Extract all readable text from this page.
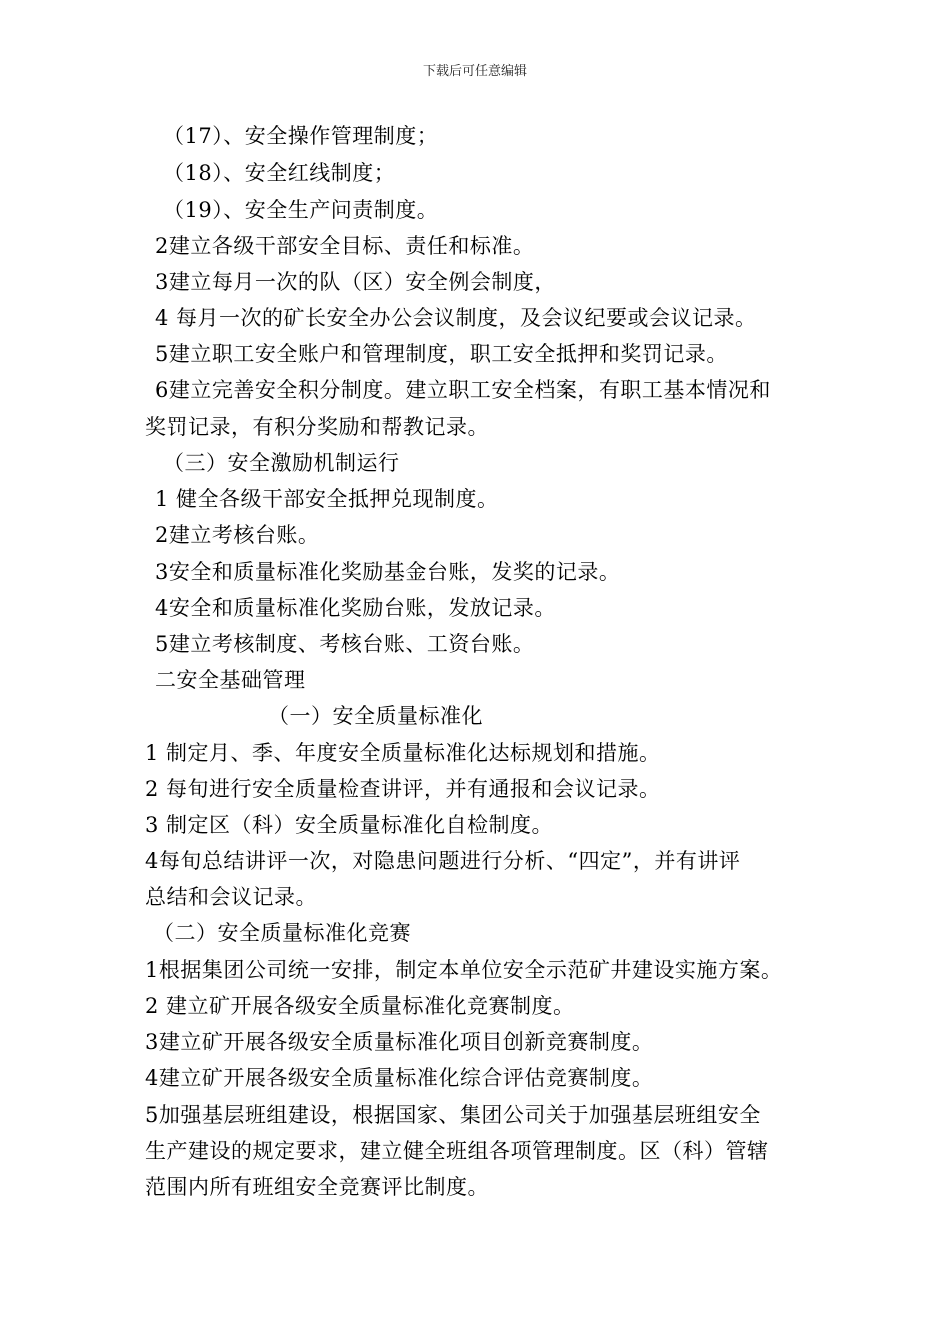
下载后可任意编辑
（17）、安全操作管理制度；
（18）、安全红线制度；
（19）、安全生产问责制度。
2建立各级干部安全目标、责任和标准。
3建立每月一次的队（区）安全例会制度，
4 每月一次的矿长安全办公会议制度，及会议纪要或会议记录。
5建立职工安全账户和管理制度，职工安全抵押和奖罚记录。
6建立完善安全积分制度。建立职工安全档案，有职工基本情况和
奖罚记录，有积分奖励和帮教记录。
（三）安全激励机制运行
1 健全各级干部安全抵押兑现制度。
2建立考核台账。
3安全和质量标准化奖励基金台账，发奖的记录。
4安全和质量标准化奖励台账，发放记录。
5建立考核制度、考核台账、工资台账。
二安全基础管理
（一）安全质量标准化
1 制定月、季、年度安全质量标准化达标规划和措施。
2 每旬进行安全质量检查讲评，并有通报和会议记录。
3 制定区（科）安全质量标准化自检制度。
4每旬总结讲评一次，对隐患问题进行分析、“四定”，并有讲评
总结和会议记录。
（二）安全质量标准化竞赛
1根据集团公司统一安排，制定本单位安全示范矿井建设实施方案。
2 建立矿开展各级安全质量标准化竞赛制度。
3建立矿开展各级安全质量标准化项目创新竞赛制度。
4建立矿开展各级安全质量标准化综合评估竞赛制度。
5加强基层班组建设，根据国家、集团公司关于加强基层班组安全
生产建设的规定要求，建立健全班组各项管理制度。区（科）管辖
范围内所有班组安全竞赛评比制度。
